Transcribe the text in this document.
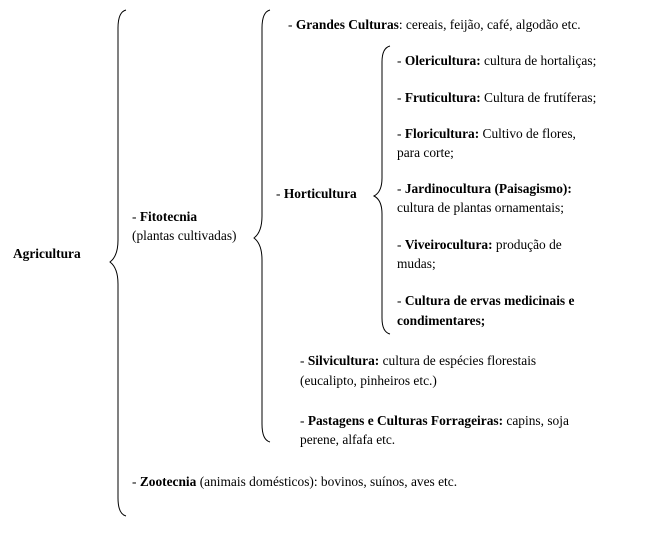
Agricultura
- Fitotecnia
(plantas cultivadas)
- Zootecnia (animais domésticos): bovinos, suínos, aves etc.
- Grandes Culturas: cereais, feijão, café, algodão etc.
- Horticultura
- Olericultura: cultura de hortaliças;
- Fruticultura: Cultura de frutíferas;
- Floricultura: Cultivo de flores,
para corte;
- Jardinocultura (Paisagismo):
cultura de plantas ornamentais;
- Viveirocultura: produção de
mudas;
- Cultura de ervas medicinais e
condimentares;
- Silvicultura: cultura de espécies florestais
(eucalipto, pinheiros etc.)
- Pastagens e Culturas Forrageiras: capins, soja
perene, alfafa etc.
